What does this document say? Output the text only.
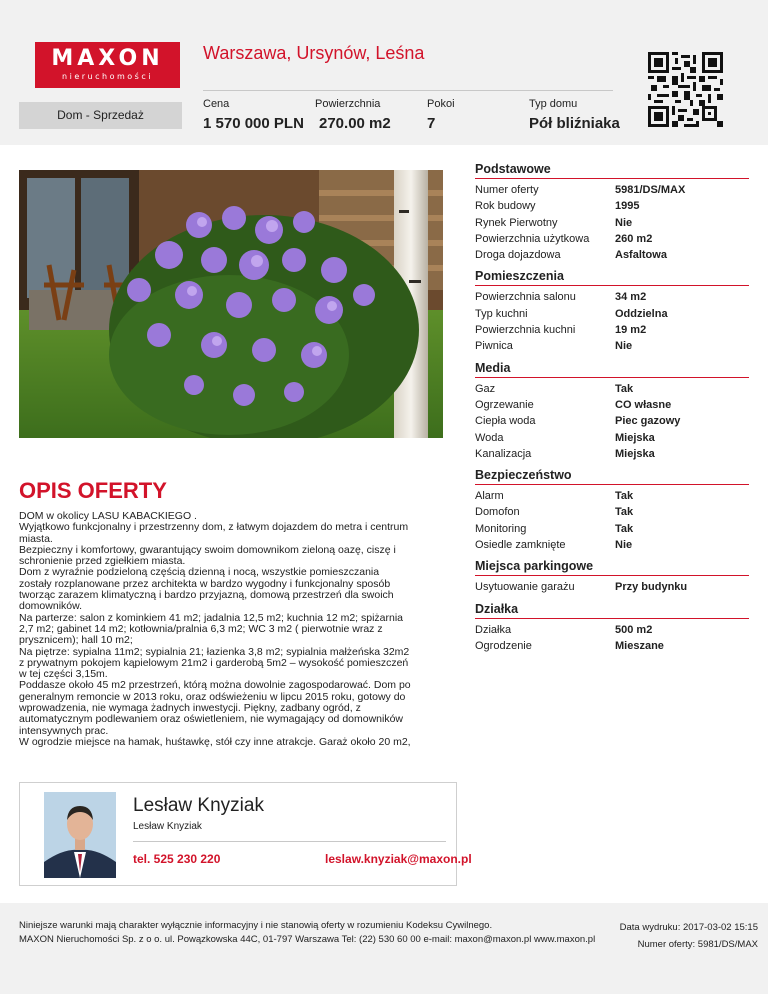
MAXON
nieruchomości
Warszawa, Ursynów, Leśna
Dom - Sprzedaż
Cena
1 570 000 PLN
Powierzchnia
270.00 m2
Pokoi
7
Typ domu
Pół bliźniaka
OPIS OFERTY
DOM w okolicy LASU KABACKIEGO .
Wyjątkowo funkcjonalny i przestrzenny dom, z łatwym dojazdem do metra i centrum
miasta.
Bezpieczny i komfortowy, gwarantujący swoim domownikom zieloną oazę, ciszę i
schronienie przed zgiełkiem miasta.
Dom z wyraźnie podzieloną częścią dzienną i nocą, wszystkie pomieszczania
zostały rozplanowane przez architekta w bardzo wygodny i funkcjonalny sposób
tworząc zarazem klimatyczną i bardzo przyjazną, domową przestrzeń dla swoich
domowników.
Na parterze: salon z kominkiem 41 m2; jadalnia 12,5 m2; kuchnia 12 m2; spiżarnia
2,7 m2; gabinet 14 m2; kotłownia/pralnia 6,3 m2; WC 3 m2 ( pierwotnie wraz z
prysznicem); hall 10 m2;
Na piętrze: sypialna 11m2; sypialnia 21; łazienka 3,8 m2; sypialnia małżeńska 32m2
z prywatnym pokojem kąpielowym 21m2 i garderobą 5m2 – wysokość pomieszczeń
w tej części 3,15m.
Poddasze około 45 m2 przestrzeń, którą można dowolnie zagospodarować. Dom po
generalnym remoncie w 2013 roku, oraz odświeżeniu w lipcu 2015 roku, gotowy do
wprowadzenia, nie wymaga żadnych inwestycji. Piękny, zadbany ogród, z
automatycznym podlewaniem oraz oświetleniem, nie wymagający od domowników
intensywnych prac.
W ogrodzie miejsce na hamak, huśtawkę, stół czy inne atrakcje. Garaż około 20 m2,
Podstawowe
Numer oferty	5981/DS/MAX
Rok budowy	1995
Rynek Pierwotny	Nie
Powierzchnia użytkowa	260 m2
Droga dojazdowa	Asfaltowa
Pomieszczenia
Powierzchnia salonu	34 m2
Typ kuchni	Oddzielna
Powierzchnia kuchni	19 m2
Piwnica	Nie
Media
Gaz	Tak
Ogrzewanie	CO własne
Ciepła woda	Piec gazowy
Woda	Miejska
Kanalizacja	Miejska
Bezpieczeństwo
Alarm	Tak
Domofon	Tak
Monitoring	Tak
Osiedle zamknięte	Nie
Miejsca parkingowe
Usytuowanie garażu	Przy budynku
Działka
Działka	500 m2
Ogrodzenie	Mieszane
Lesław Knyziak
Lesław Knyziak
tel. 525 230 220	leslaw.knyziak@maxon.pl
Niniejsze warunki mają charakter wyłącznie informacyjny i nie stanowią oferty w rozumieniu Kodeksu Cywilnego.
MAXON Nieruchomości Sp. z o o. ul. Powązkowska 44C, 01-797 Warszawa Tel: (22) 530 60 00 e-mail: maxon@maxon.pl www.maxon.pl
Data wydruku: 2017-03-02 15:15
Numer oferty: 5981/DS/MAX
